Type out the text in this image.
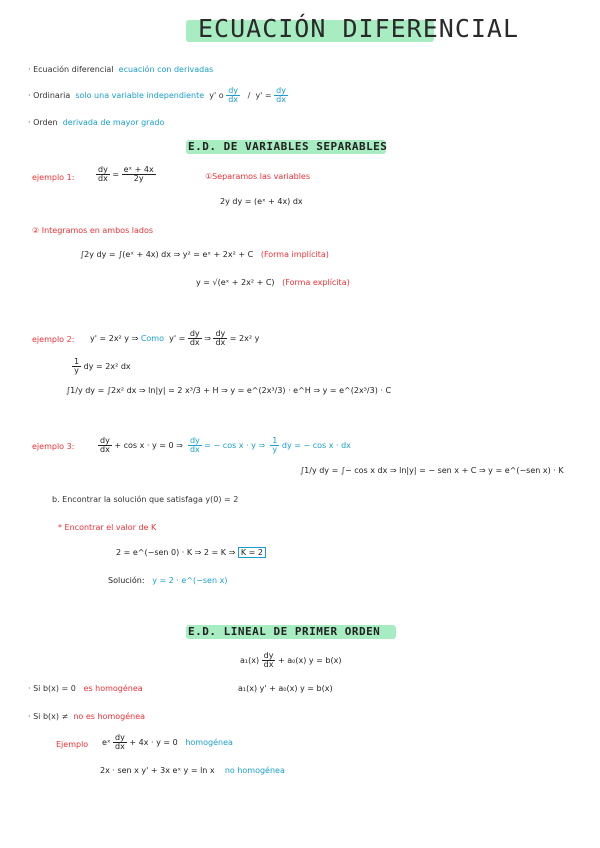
ECUACIÓN DIFERENCIAL
· Ecuación diferencial ecuación con derivadas
· Ordinaria solo una variable independiente y' o $\frac{dy}{dx} / y' = \frac{dy}{dx}$
· Orden derivada de mayor grado
E.D. DE VARIABLES SEPARABLES
ejemplo 1:	$\frac{dy}{dx} = \frac{\text{eˣ + 4x}}{2y}$	①Separamos las variables
2y dy = (eˣ + 4x) dx
② Integramos en ambos lados
∫2y dy = ∫(eˣ + 4x) dx ⇒ y² = eˣ + 2x² + C (Forma implícita)
y = √(eˣ + 2x² + C) (Forma explícita)
ejemplo 2: y' = 2x² y ⇒ Como $y' = \frac{dy}{dx}$ ⇒ $\frac{dy}{dx} = 2x^2$ y
$\frac{1}{y}$ dy = 2x² dx
∫1/y dy = ∫2x² dx ⇒ ln|y| = 2 x³/3 + H ⇒ y = e^(2x³/3) · e^H ⇒ y = e^(2x³/3) · C
ejemplo 3:	$\frac{dy}{dx} + \cos x \cdot y = 0$ ⇒ $\frac{dy}{dx}$ = − cos x · y ⇒ $\frac{1}{y}$ dy = − cos x · dx
∫1/y dy = ∫− cos x dx ⇒ ln|y| = − sen x + C ⇒ y = e^(−sen x) · K
b. Encontrar la solución que satisfaga y(0) = 2
* Encontrar el valor de K
2 = e^(−sen 0) · K ⇒ 2 = K ⇒ K = 2
Solución: y = 2 · e^(−sen x)
E.D. LINEAL DE PRIMER ORDEN
$a_1(x) \frac{dy}{dx} + a_0(x) y = b(x)$
· Si b(x) = 0 es homogénea	a₁(x) y' + a₀(x) y = b(x)
· Si b(x) ≠ no es homogénea
Ejemplo eˣ $\frac{dy}{dx} + 4x \cdot y = 0$ homogénea
2x · sen x y' + 3x eˣ y = ln x no homogénea
